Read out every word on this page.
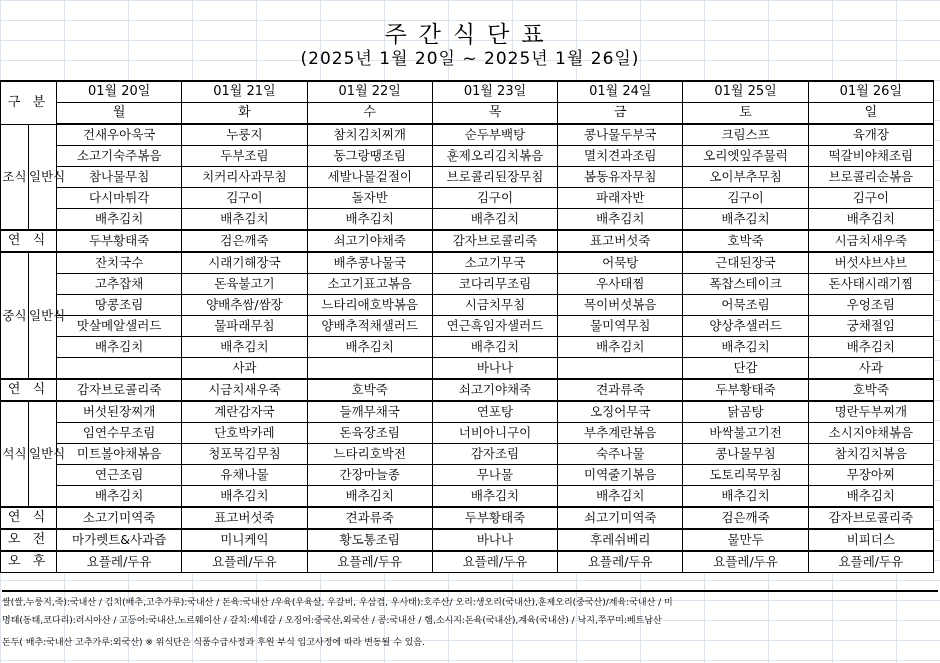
주간식단표
(2025년 1월 20일 ~ 2025년 1월 26일)
구 분		01월 20일	01월 21일	01월 22일	01월 23일	01월 24일	01월 25일	01월 26일
		월	화	수	목	금	토	일
조식	일반식	건새우아욱국	누룽지	참치김치찌개	순두부백탕	콩나물두부국	크림스프	육개장
		소고기숙주볶음	두부조림	동그랑땡조림	훈제오리김치볶음	멸치견과조림	오리엣잎주물럭	떡갈비야채조림
		참나물무침	치커리사과무침	세발나물겉절이	브로콜리된장무침	봄동유자무침	오이부추무침	브로콜리순볶음
		다시마튀각	김구이	돌자반	김구이	파래자반	김구이	김구이
		배추김치	배추김치	배추김치	배추김치	배추김치	배추김치	배추김치
연 식		두부황태죽	검은깨죽	쇠고기야채죽	감자브로콜리죽	표고버섯죽	호박죽	시금치새우죽
중식	일반식	잔치국수	시래기해장국	배추콩나물국	소고기무국	어묵탕	근대된장국	버섯샤브샤브
		고추잡채	돈육불고기	소고기표고볶음	코다리무조림	우사태찜	폭찹스테이크	돈사태시래기찜
		땅콩조림	양배추쌈/쌈장	느타리애호박볶음	시금치무침	목이버섯볶음	어묵조림	우엉조림
		맛살메알샐러드	물파래무침	양배추적채샐러드	연근흑임자샐러드	물미역무침	양상추샐러드	궁채절임
		배추김치	배추김치	배추김치	배추김치	배추김치	배추김치	배추김치
			사과		바나나		단감	사과
연 식		감자브로콜리죽	시금치새우죽	호박죽	쇠고기야채죽	견과류죽	두부황태죽	호박죽
석식	일반식	버섯된장찌개	계란감자국	들깨무채국	연포탕	오징어무국	닭곰탕	명란두부찌개
		임연수무조림	단호박카레	돈육장조림	너비아니구이	부추계란볶음	바싹불고기전	소시지야채볶음
		미트볼야채볶음	청포묵김무침	느타리호박전	감자조림	숙주나물	콩나물무침	참치김치볶음
		연근조림	유채나물	간장마늘종	무나물	미역줄기볶음	도토리묵무침	무장아찌
		배추김치	배추김치	배추김치	배추김치	배추김치	배추김치	배추김치
연 식		소고기미역죽	표고버섯죽	견과류죽	두부황태죽	쇠고기미역죽	검은깨죽	감자브로콜리죽
오 전		마가렛트&사과즙	미니케익	황도통조림	바나나	후레쉬베리	물만두	비피더스
오 후		요플레/두유	요플레/두유	요플레/두유	요플레/두유	요플레/두유	요플레/두유	요플레/두유
쌀(쌀,누룽지,죽):국내산 / 김치(배추,고추가루):국내산 / 돈육:국내산 /우육(우육살, 우갈비, 우삼겹, 우사태):호주산/ 오리:생오리(국내산),훈제오리(중국산)/계육:국내산 / 미
명태(동태,코다리):러시아산 / 고등어:국내산,노르웨이산 / 갈치:세네갈 / 오징어:중국산,외국산 / 콩:국내산 / 햄,소시지:돈육(국내산),계육(국내산) / 낙지,쭈꾸미:베트남산
돈두( 배추:국내산 고추가루:외국산) ※ 위식단은 식품수급사정과 후원 부식 입고사정에 따라 변동될 수 있음.
